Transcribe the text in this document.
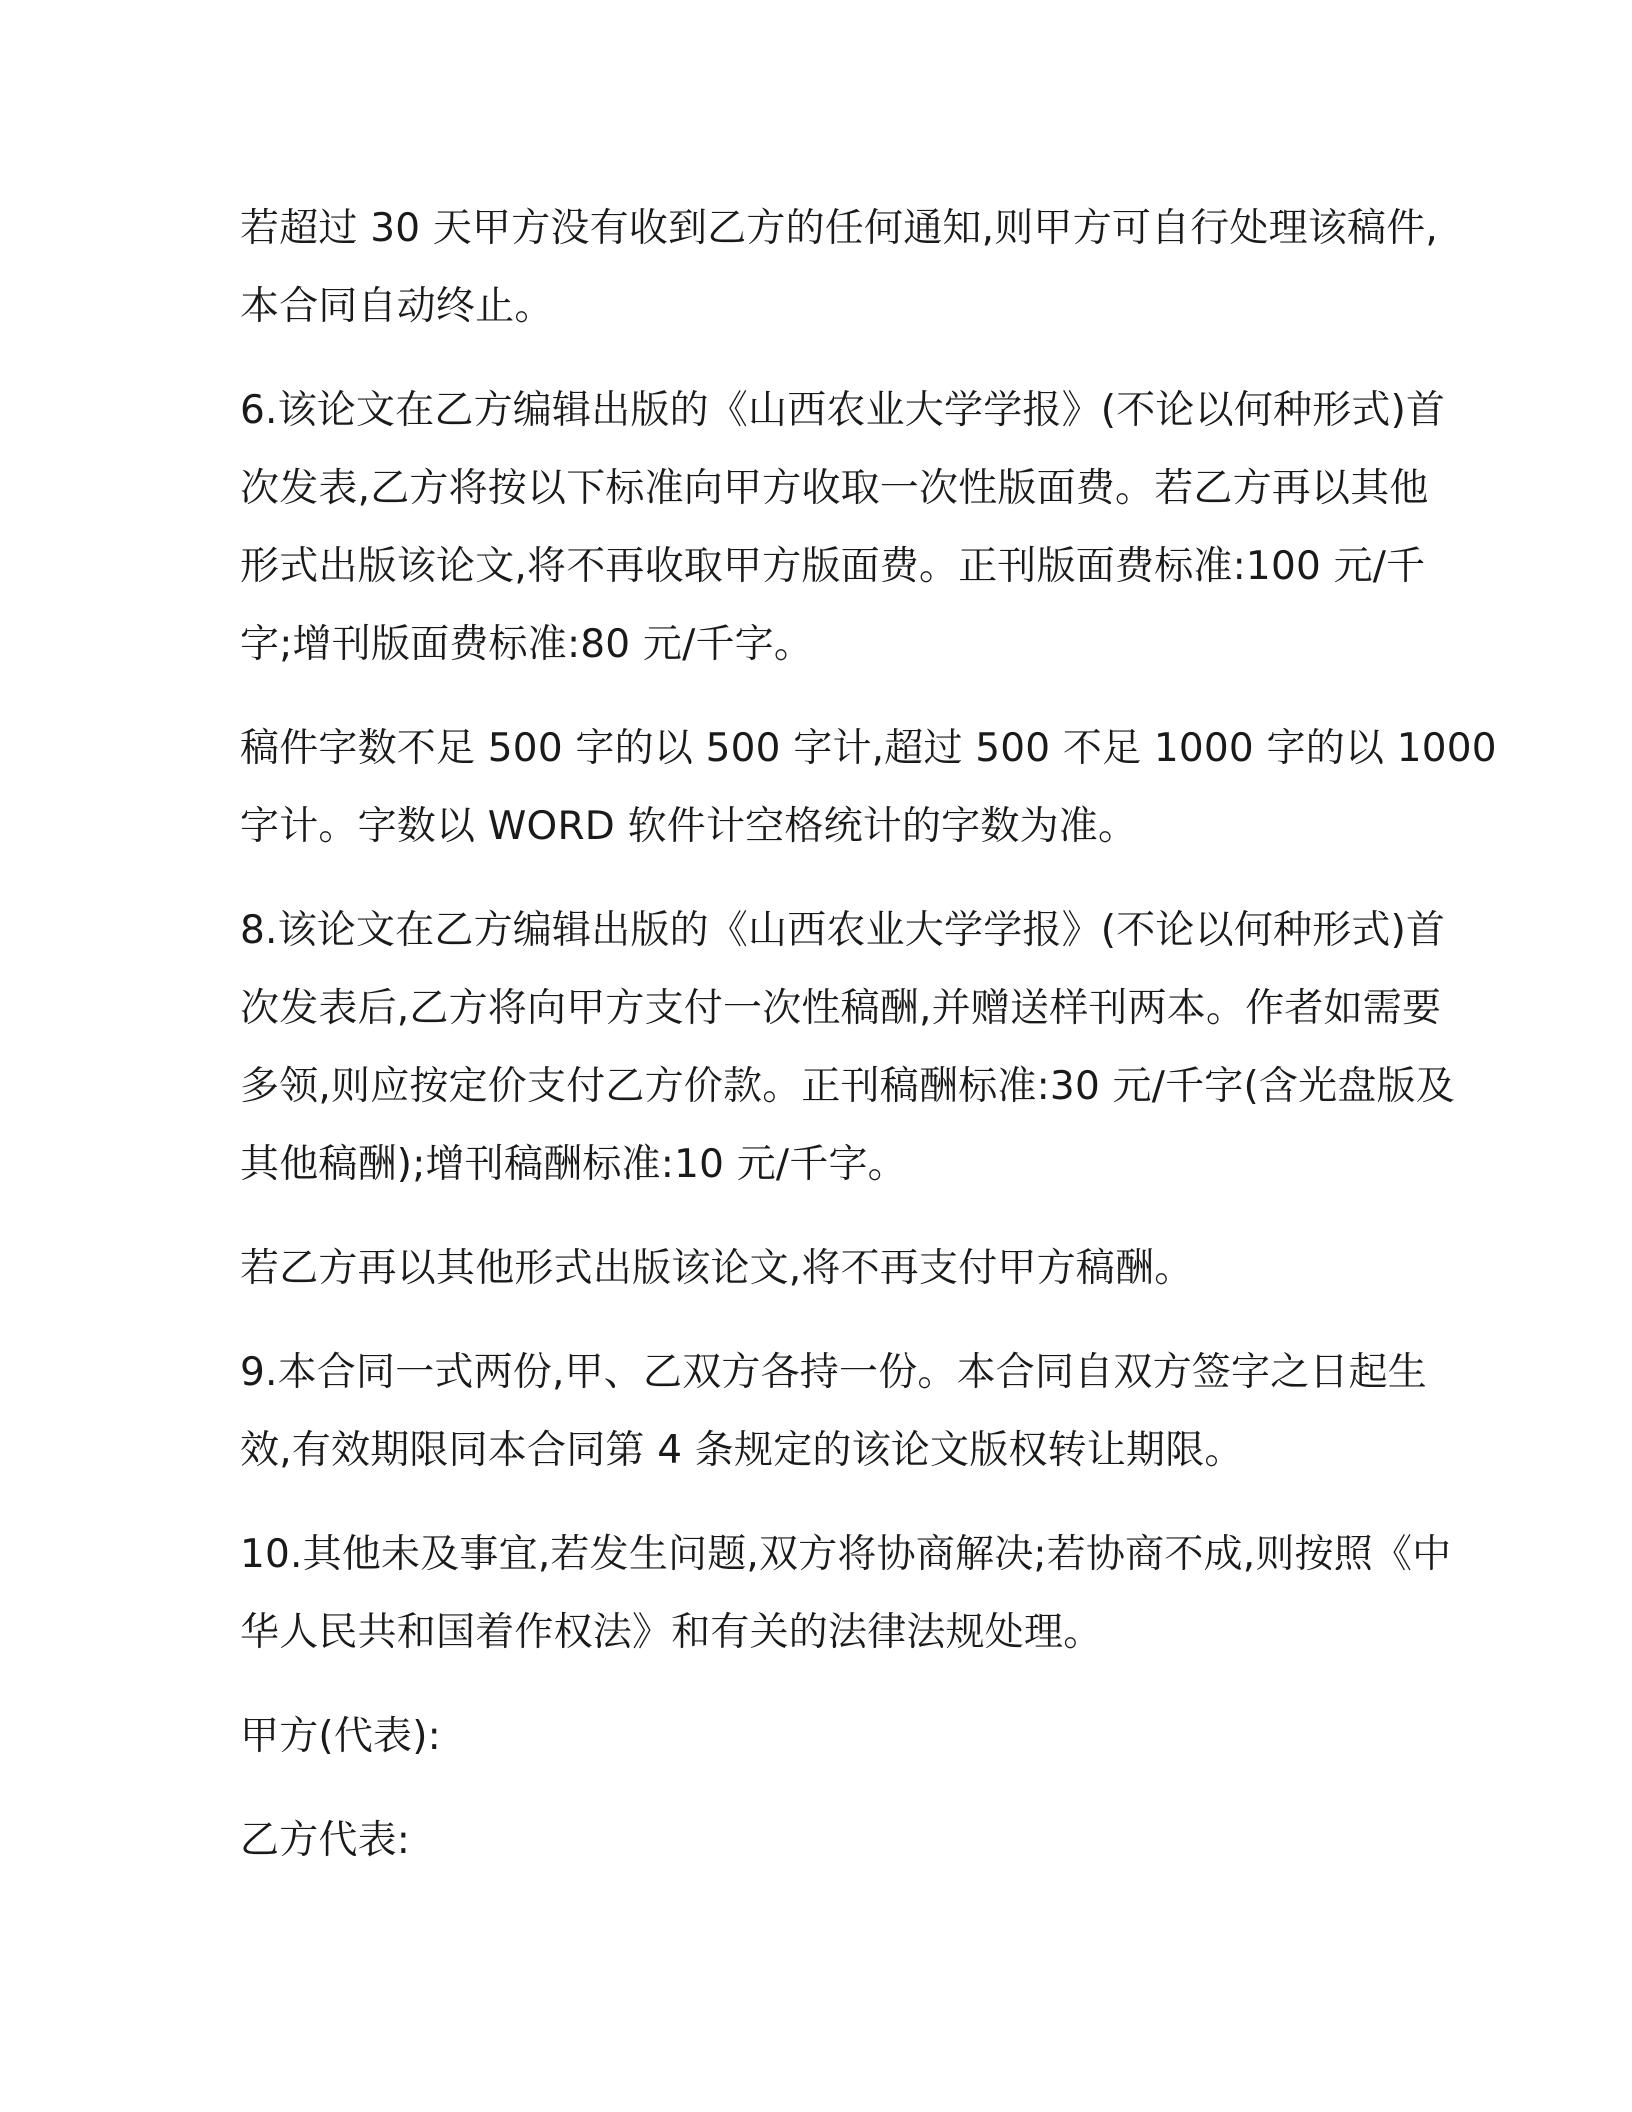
若超过 30 天甲方没有收到乙方的任何通知,则甲方可自行处理该稿件,
本合同自动终止。

6.该论文在乙方编辑出版的《山西农业大学学报》(不论以何种形式)首
次发表,乙方将按以下标准向甲方收取一次性版面费。若乙方再以其他
形式出版该论文,将不再收取甲方版面费。正刊版面费标准:100 元/千
字;增刊版面费标准:80 元/千字。

稿件字数不足 500 字的以 500 字计,超过 500 不足 1000 字的以 1000
字计。字数以 WORD 软件计空格统计的字数为准。

8.该论文在乙方编辑出版的《山西农业大学学报》(不论以何种形式)首
次发表后,乙方将向甲方支付一次性稿酬,并赠送样刊两本。作者如需要
多领,则应按定价支付乙方价款。正刊稿酬标准:30 元/千字(含光盘版及
其他稿酬);增刊稿酬标准:10 元/千字。

若乙方再以其他形式出版该论文,将不再支付甲方稿酬。

9.本合同一式两份,甲、乙双方各持一份。本合同自双方签字之日起生
效,有效期限同本合同第 4 条规定的该论文版权转让期限。

10.其他未及事宜,若发生问题,双方将协商解决;若协商不成,则按照《中
华人民共和国着作权法》和有关的法律法规处理。

甲方(代表):

乙方代表:
